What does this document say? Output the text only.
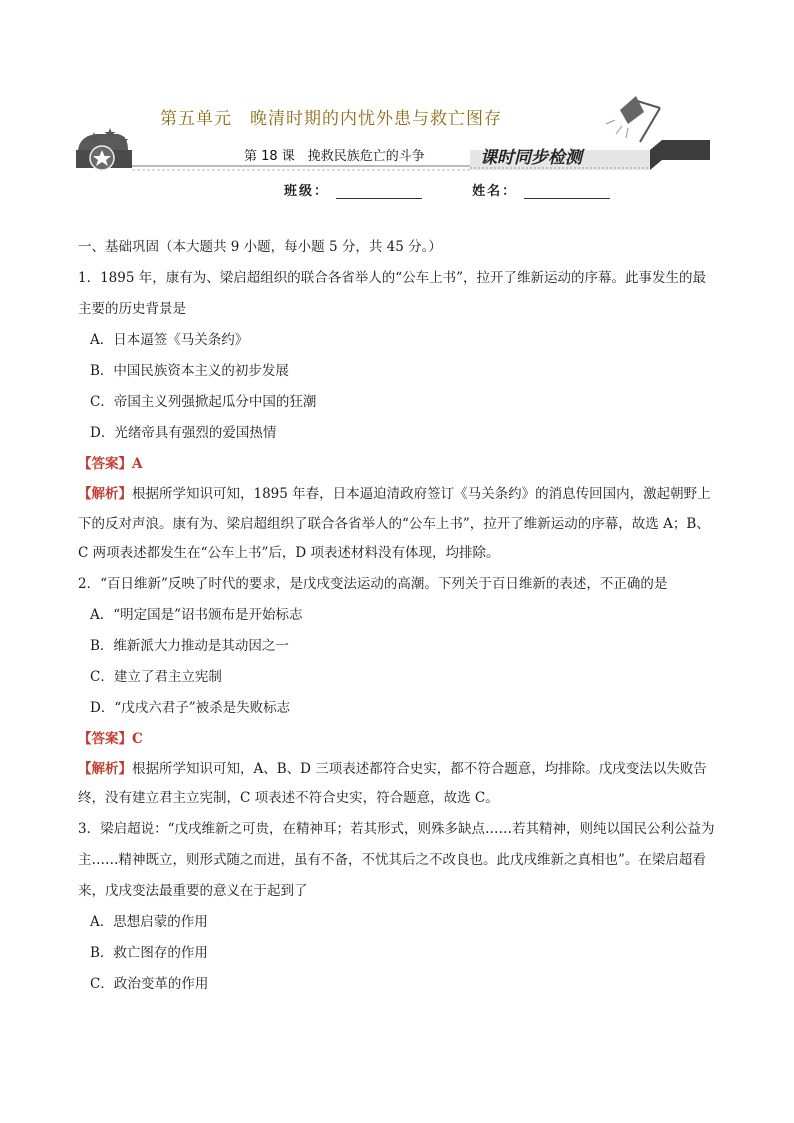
第五单元　晚清时期的内忧外患与救亡图存
第 18 课　挽救民族危亡的斗争	课时同步检测
班级：	姓名：

一、基础巩固（本大题共 9 小题，每小题 5 分，共 45 分。）

1．1895 年，康有为、梁启超组织的联合各省举人的“公车上书”，拉开了维新运动的序幕。此事发生的最主要的历史背景是

A．日本逼签《马关条约》

B．中国民族资本主义的初步发展

C．帝国主义列强掀起瓜分中国的狂潮

D．光绪帝具有强烈的爱国热情

【答案】A

【解析】根据所学知识可知，1895 年春，日本逼迫清政府签订《马关条约》的消息传回国内，激起朝野上下的反对声浪。康有为、梁启超组织了联合各省举人的“公车上书”，拉开了维新运动的序幕，故选 A；B、C 两项表述都发生在“公车上书”后，D 项表述材料没有体现，均排除。

2．“百日维新”反映了时代的要求，是戊戌变法运动的高潮。下列关于百日维新的表述，不正确的是

A．“明定国是”诏书颁布是开始标志

B．维新派大力推动是其动因之一

C．建立了君主立宪制

D．“戊戌六君子”被杀是失败标志

【答案】C

【解析】根据所学知识可知，A、B、D 三项表述都符合史实，都不符合题意，均排除。戊戌变法以失败告终，没有建立君主立宪制，C 项表述不符合史实，符合题意，故选 C。

3．梁启超说：“戊戌维新之可贵，在精神耳；若其形式，则殊多缺点……若其精神，则纯以国民公利公益为主……精神既立，则形式随之而进，虽有不备，不忧其后之不改良也。此戊戌维新之真相也”。在梁启超看来，戊戌变法最重要的意义在于起到了

A．思想启蒙的作用

B．救亡图存的作用

C．政治变革的作用
